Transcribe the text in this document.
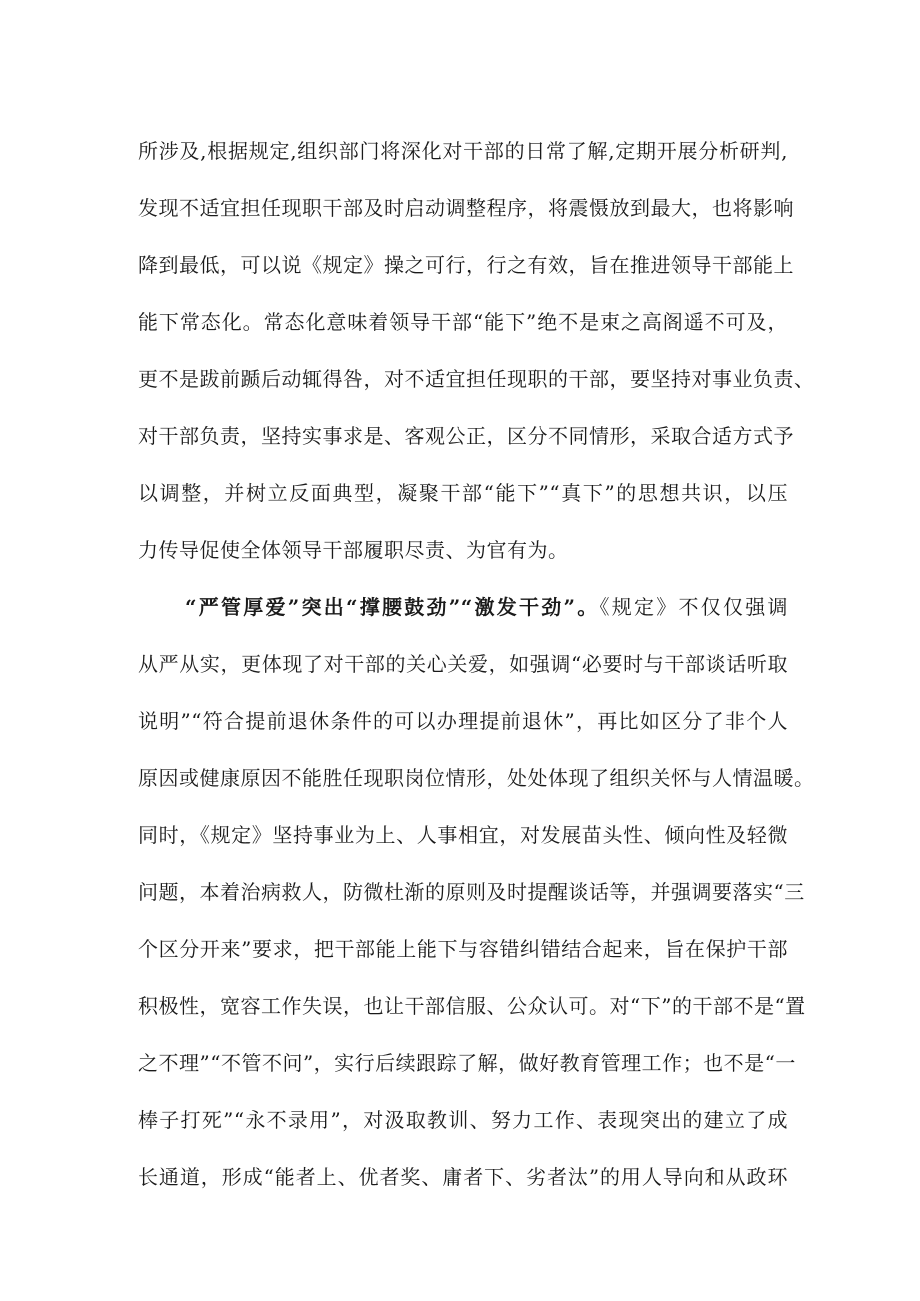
所涉及,根据规定,组织部门将深化对干部的日常了解,定期开展分析研判,
发现不适宜担任现职干部及时启动调整程序，将震慑放到最大，也将影响
降到最低，可以说《规定》操之可行，行之有效，旨在推进领导干部能上
能下常态化。常态化意味着领导干部“能下”绝不是束之高阁遥不可及，
更不是跋前踬后动辄得咎，对不适宜担任现职的干部，要坚持对事业负责、
对干部负责，坚持实事求是、客观公正，区分不同情形，采取合适方式予
以调整，并树立反面典型，凝聚干部“能下”“真下”的思想共识，以压
力传导促使全体领导干部履职尽责、为官有为。
“严管厚爱”突出“撑腰鼓劲”“激发干劲”。《规定》不仅仅强调
从严从实，更体现了对干部的关心关爱，如强调“必要时与干部谈话听取
说明”“符合提前退休条件的可以办理提前退休”，再比如区分了非个人
原因或健康原因不能胜任现职岗位情形，处处体现了组织关怀与人情温暖。
同时，《规定》坚持事业为上、人事相宜，对发展苗头性、倾向性及轻微
问题，本着治病救人，防微杜渐的原则及时提醒谈话等，并强调要落实“三
个区分开来”要求，把干部能上能下与容错纠错结合起来，旨在保护干部
积极性，宽容工作失误，也让干部信服、公众认可。对“下”的干部不是“置
之不理”“不管不问”，实行后续跟踪了解，做好教育管理工作；也不是“一
棒子打死”“永不录用”，对汲取教训、努力工作、表现突出的建立了成
长通道，形成“能者上、优者奖、庸者下、劣者汰”的用人导向和从政环
